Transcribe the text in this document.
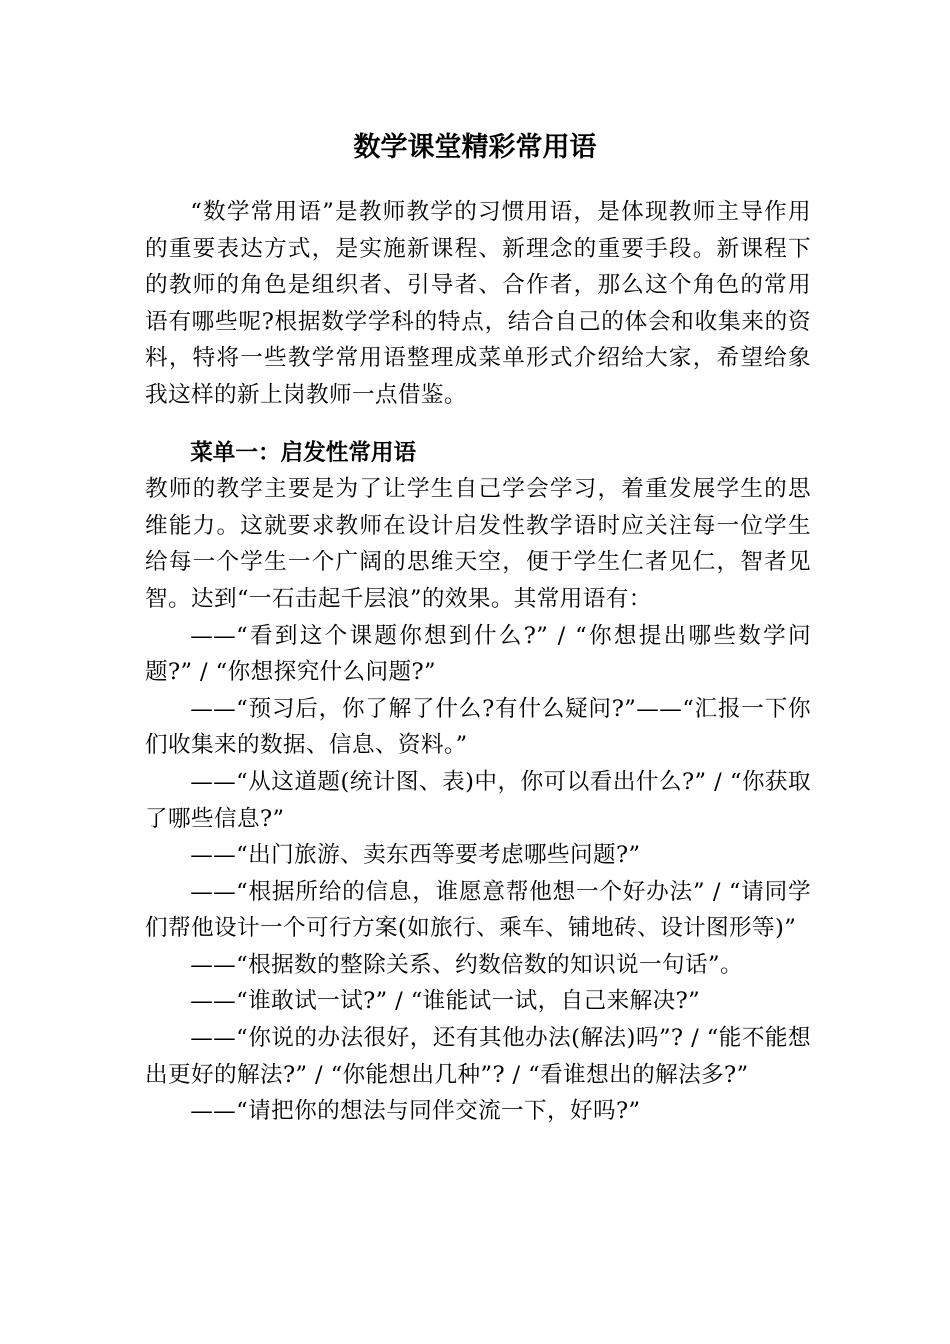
数学课堂精彩常用语

“数学常用语”是教师教学的习惯用语，是体现教师主导作用的重要表达方式，是实施新课程、新理念的重要手段。新课程下的教师的角色是组织者、引导者、合作者，那么这个角色的常用语有哪些呢?根据数学学科的特点，结合自己的体会和收集来的资料，特将一些教学常用语整理成菜单形式介绍给大家，希望给象我这样的新上岗教师一点借鉴。

菜单一：启发性常用语

教师的教学主要是为了让学生自己学会学习，着重发展学生的思维能力。这就要求教师在设计启发性教学语时应关注每一位学生给每一个学生一个广阔的思维天空，便于学生仁者见仁，智者见智。达到“一石击起千层浪”的效果。其常用语有：

——“看到这个课题你想到什么?” / “你想提出哪些数学问题?” / “你想探究什么问题?”

——“预习后，你了解了什么?有什么疑问?”——“汇报一下你们收集来的数据、信息、资料。”

——“从这道题(统计图、表)中，你可以看出什么?” / “你获取了哪些信息?”

——“出门旅游、卖东西等要考虑哪些问题?”

——“根据所给的信息，谁愿意帮他想一个好办法” / “请同学们帮他设计一个可行方案(如旅行、乘车、铺地砖、设计图形等)”

——“根据数的整除关系、约数倍数的知识说一句话”。

——“谁敢试一试?” / “谁能试一试，自己来解决?”

——“你说的办法很好，还有其他办法(解法)吗”? / “能不能想出更好的解法?” / “你能想出几种”? / “看谁想出的解法多?”

——“请把你的想法与同伴交流一下，好吗?”
